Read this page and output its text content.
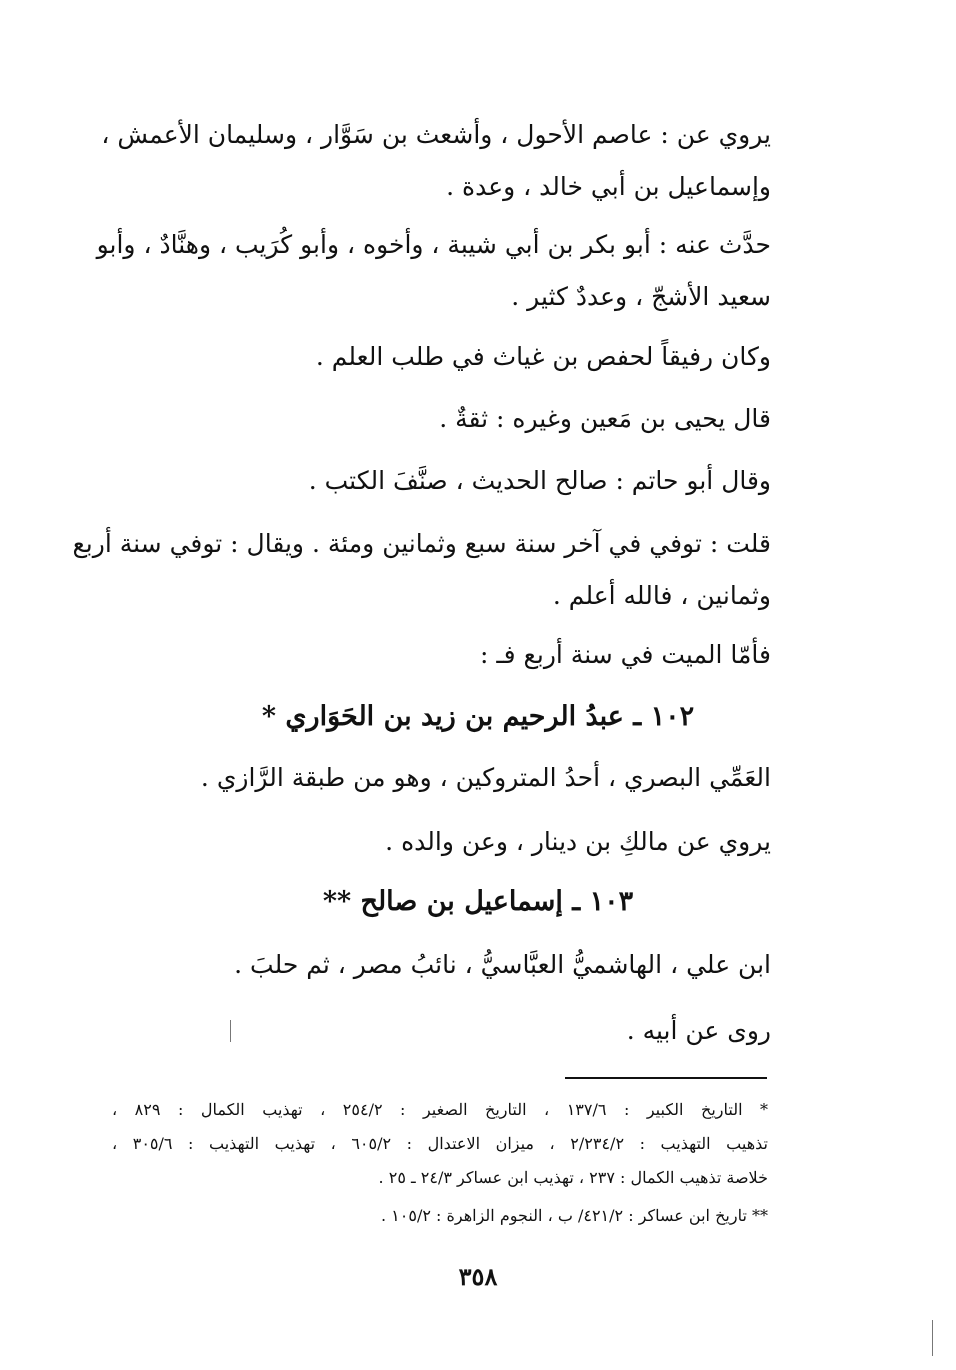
يروي عن : عاصم الأحول ، وأشعث بن سَوَّار ، وسليمان الأعمش ،
وإسماعيل بن أبي خالد ، وعدة .
حدَّث عنه : أبو بكر بن أبي شيبة ، وأخوه ، وأبو كُرَيب ، وهنَّادٌ ، وأبو
سعيد الأشجّ ، وعددٌ كثير .
وكان رفيقاً لحفص بن غياث في طلب العلم .
قال يحيى بن مَعين وغيره : ثقةٌ .
وقال أبو حاتم : صالح الحديث ، صنَّفَ الكتب .
قلت : توفي في آخر سنة سبع وثمانين ومئة . ويقال : توفي سنة أربع
وثمانين ، فالله أعلم .
فأمّا الميت في سنة أربع فـ :
١٠٢ ـ عبدُ الرحيم بن زيد بن الحَوَاري *
العَمِّي البصري ، أحدُ المتروكين ، وهو من طبقة الرَّازي .
يروي عن مالكِ بن دينار ، وعن والده .
١٠٣ ـ إسماعيل بن صالح **
ابن علي ، الهاشميُّ العبَّاسيُّ ، نائبُ مصر ، ثم حلبَ .
روى عن أبيه .
* التاريخ الكبير : ١٣٧/٦ ، التاريخ الصغير : ٢٥٤/٢ ، تهذيب الكمال : ٨٢٩ ،
تذهيب التهذيب : ٢/٢٣٤/٢ ، ميزان الاعتدال : ٦٠٥/٢ ، تهذيب التهذيب : ٣٠٥/٦ ،
خلاصة تذهيب الكمال : ٢٣٧ ، تهذيب ابن عساكر ٢٤/٣ ـ ٢٥ .
** تاريخ ابن عساكر : ٤٢١/٢/ ب ، النجوم الزاهرة : ١٠٥/٢ .
٣٥٨
